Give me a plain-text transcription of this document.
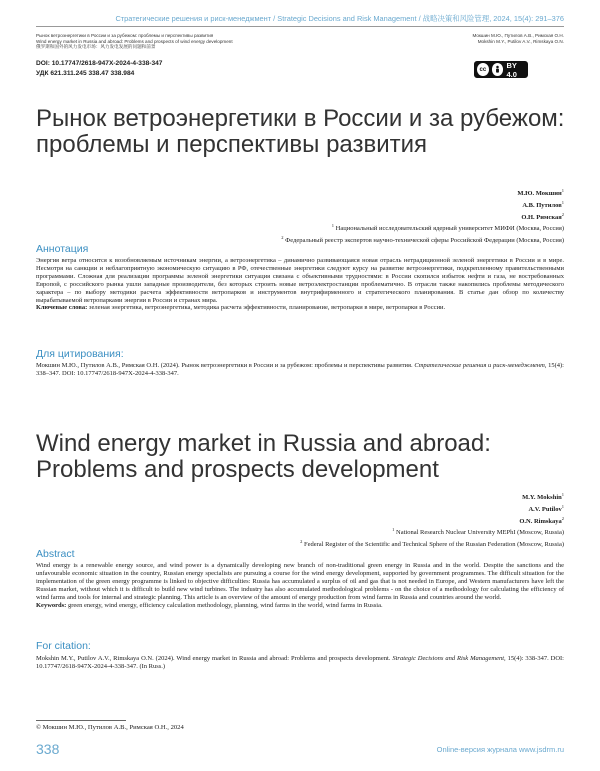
Стратегические решения и риск-менеджмент / Strategic Decisions and Risk Management / 战略决策和风险管理, 2024, 15(4): 291–376
Рынок ветроэнергетики в России и за рубежом: проблемы и перспективы развития
Wind energy market in Russia and abroad: Problems and prospects of wind energy development
俄罗斯和国外的风力发电市场：风力发电发展的问题和前景
Мокшин М.Ю., Путилов А.В., Римская О.Н.
Mokshin M.Y., Putilov A.V., Rimskaya O.N.
DOI: 10.17747/2618-947X-2024-4-338-347
УДК 621.311.245 338.47 338.984
cc	BY 4.0
Рынок ветроэнергетики в России и за рубежом: проблемы и перспективы развития
М.Ю. Мокшин$^1$
А.В. Путилов$^1$
О.Н. Римская$^2$
$^1$ Национальный исследовательский ядерный университет МИФИ (Москва, Россия)
$^2$ Федеральный реестр экспертов научно-технической сферы Российской Федерации (Москва, Россия)
Аннотация
Энергия ветра относится к возобновляемым источникам энергии, а ветроэнергетика – динамично развивающаяся новая отрасль нетрадиционной зеленой энергетики в России и в мире. Несмотря на санкции и неблагоприятную экономическую ситуацию в РФ, отечественные энергетики следуют курсу на развитие ветроэнергетики, подкрепленному правительственными программами. Сложная для реализации программы зеленой энергетики ситуация связана с объективными трудностями: в России скопился избыток нефти и газа, не востребованных Европой, с российского рынка ушли западные производители, без которых строить новые ветроэлектростанции проблематично. В отрасли также накопились проблемы методического характера – по выбору методики расчета эффективности ветропарков и инструментов внутрифирменного и стратегического планирования. В статье дан обзор по количеству вырабатываемой ветропарками энергии в России и странах мира.
Ключевые слова: зеленая энергетика, ветроэнергетика, методика расчета эффективности, планирование, ветропарки в мире, ветропарки в России.
Для цитирования:
Мокшин М.Ю., Путилов А.В., Римская О.Н. (2024). Рынок ветроэнергетики в России и за рубежом: проблемы и перспективы развития. Стратегические решения и риск-менеджмент, 15(4): 338–347. DOI: 10.17747/2618-947X-2024-4-338-347.
Wind energy market in Russia and abroad: Problems and prospects development
M.Y. Mokshin$^1$
A.V. Putilov$^1$
O.N. Rimskaya$^2$
$^1$ National Research Nuclear University MEPhI (Moscow, Russia)
$^2$ Federal Register of the Scientific and Technical Sphere of the Russian Federation (Moscow, Russia)
Abstract
Wind energy is a renewable energy source, and wind power is a dynamically developing new branch of non-traditional green energy in Russia and in the world. Despite the sanctions and the unfavourable economic situation in the country, Russian energy specialists are pursuing a course for the wind energy development, supported by government programmes. The difficult situation for the implementation of the green energy programme is linked to objective difficulties: Russia has accumulated a surplus of oil and gas that is not needed in Europe, and Western manufacturers have left the Russian market, without which it is difficult to build new wind turbines. The industry has also accumulated methodological problems - on the choice of a methodology for calculating the efficiency of wind farms and tools for internal and strategic planning. This article is an overview of the amount of energy production from wind farms in Russia and countries around the world.
Keywords: green energy, wind energy, efficiency calculation methodology, planning, wind farms in the world, wind farms in Russia.
For citation:
Mokshin M.Y., Putilov A.V., Rimskaya O.N. (2024). Wind energy market in Russia and abroad: Problems and prospects development. Strategic Decisions and Risk Management, 15(4): 338-347. DOI: 10.17747/2618-947X-2024-4-338-347. (In Russ.)
© Мокшин М.Ю., Путилов А.В., Римская О.Н., 2024
338	Online-версия журнала www.jsdrm.ru
